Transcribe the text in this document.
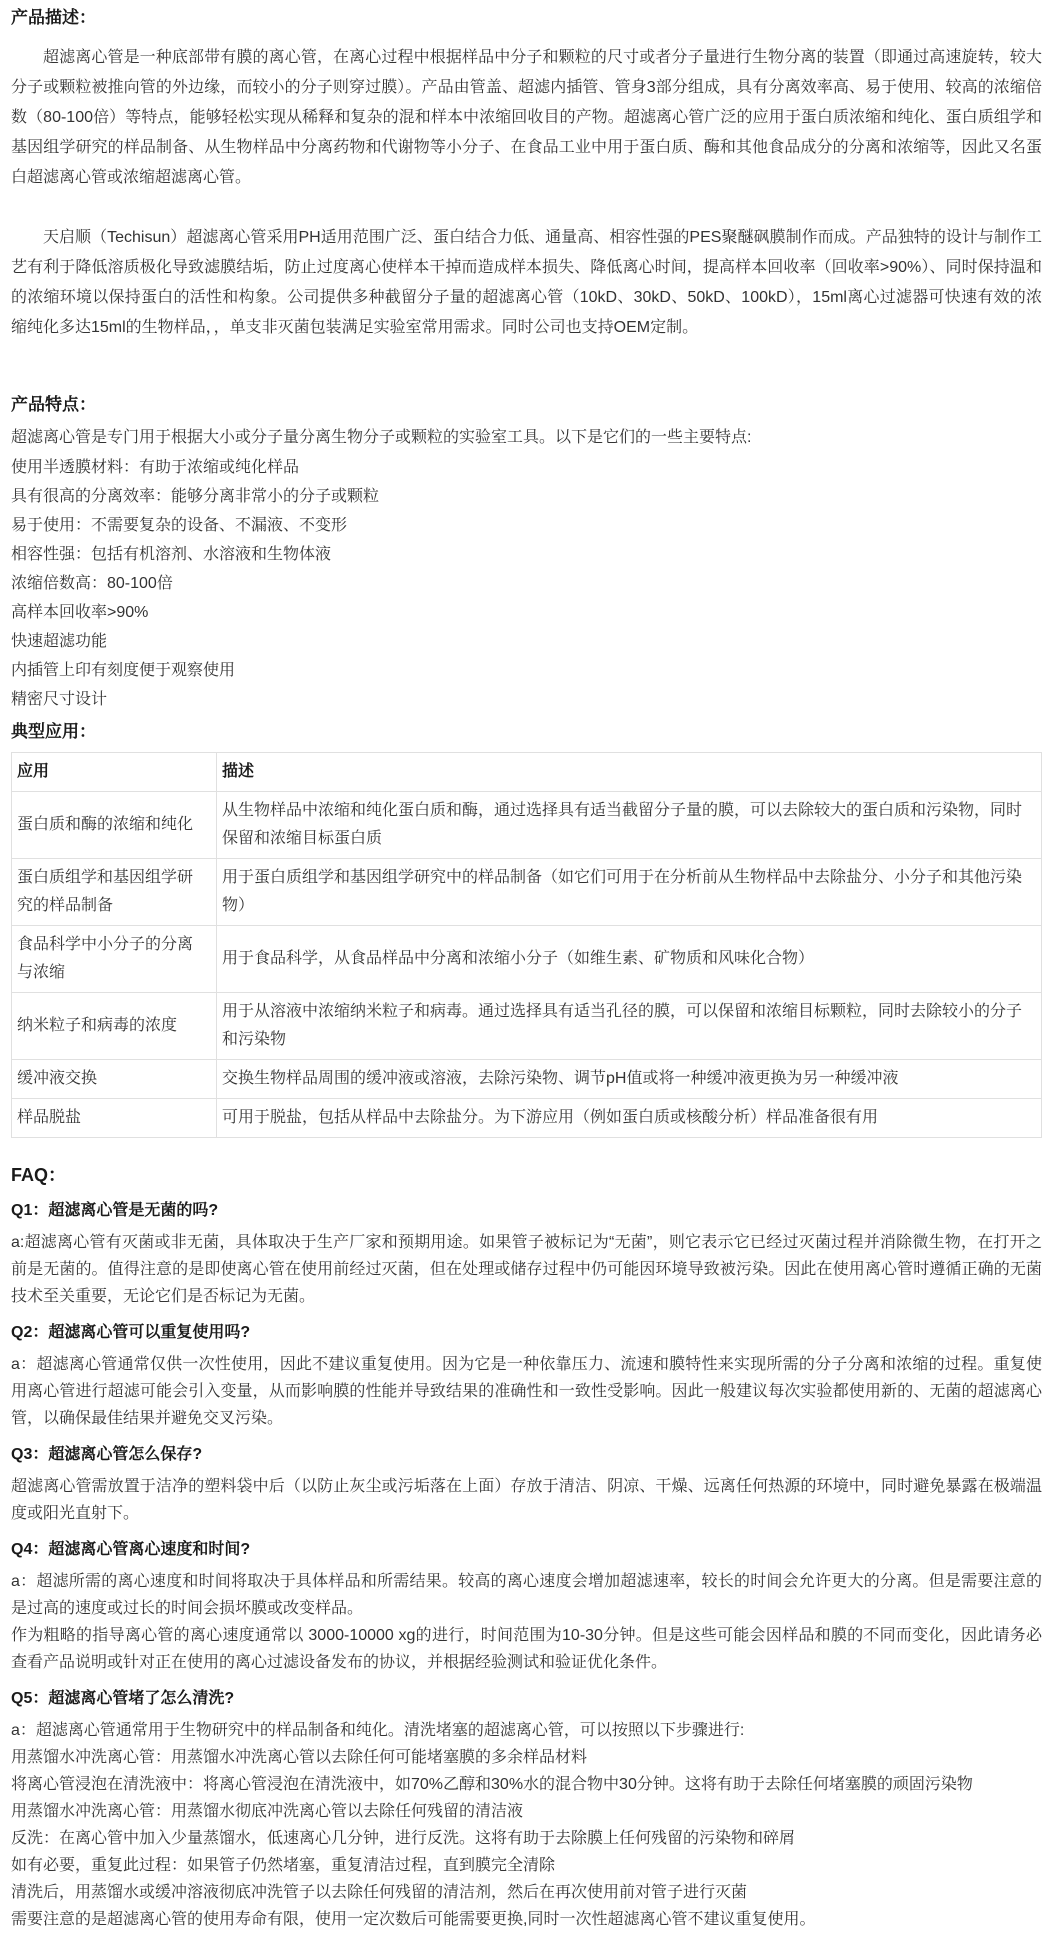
产品描述：

超滤离心管是一种底部带有膜的离心管，在离心过程中根据样品中分子和颗粒的尺寸或者分子量进行生物分离的装置（即通过高速旋转，较大分子或颗粒被推向管的外边缘，而较小的分子则穿过膜）。产品由管盖、超滤内插管、管身3部分组成，具有分离效率高、易于使用、较高的浓缩倍数（80-100倍）等特点，能够轻松实现从稀释和复杂的混和样本中浓缩回收目的产物。超滤离心管广泛的应用于蛋白质浓缩和纯化、蛋白质组学和基因组学研究的样品制备、从生物样品中分离药物和代谢物等小分子、在食品工业中用于蛋白质、酶和其他食品成分的分离和浓缩等，因此又名蛋白超滤离心管或浓缩超滤离心管。

天启顺（Techisun）超滤离心管采用PH适用范围广泛、蛋白结合力低、通量高、相容性强的PES聚醚砜膜制作而成。产品独特的设计与制作工艺有利于降低溶质极化导致滤膜结垢，防止过度离心使样本干掉而造成样本损失、降低离心时间，提高样本回收率（回收率>90%）、同时保持温和的浓缩环境以保持蛋白的活性和构象。公司提供多种截留分子量的超滤离心管（10kD、30kD、50kD、100kD），15ml离心过滤器可快速有效的浓缩纯化多达15ml的生物样品，，单支非灭菌包装满足实验室常用需求。同时公司也支持OEM定制。

产品特点：

超滤离心管是专门用于根据大小或分子量分离生物分子或颗粒的实验室工具。以下是它们的一些主要特点:

使用半透膜材料：有助于浓缩或纯化样品
具有很高的分离效率：能够分离非常小的分子或颗粒
易于使用：不需要复杂的设备、不漏液、不变形
相容性强：包括有机溶剂、水溶液和生物体液
浓缩倍数高：80-100倍
高样本回收率>90%
快速超滤功能
内插管上印有刻度便于观察使用
精密尺寸设计
典型应用：
应用	描述
蛋白质和酶的浓缩和纯化	从生物样品中浓缩和纯化蛋白质和酶，通过选择具有适当截留分子量的膜，可以去除较大的蛋白质和污染物，同时保留和浓缩目标蛋白质
蛋白质组学和基因组学研究的样品制备	用于蛋白质组学和基因组学研究中的样品制备（如它们可用于在分析前从生物样品中去除盐分、小分子和其他污染物）
食品科学中小分子的分离与浓缩	用于食品科学，从食品样品中分离和浓缩小分子（如维生素、矿物质和风味化合物）
纳米粒子和病毒的浓度	用于从溶液中浓缩纳米粒子和病毒。通过选择具有适当孔径的膜，可以保留和浓缩目标颗粒，同时去除较小的分子和污染物
缓冲液交换	交换生物样品周围的缓冲液或溶液，去除污染物、调节pH值或将一种缓冲液更换为另一种缓冲液
样品脱盐	可用于脱盐，包括从样品中去除盐分。为下游应用（例如蛋白质或核酸分析）样品准备很有用
FAQ：
Q1：超滤离心管是无菌的吗?
a:超滤离心管有灭菌或非无菌，具体取决于生产厂家和预期用途。如果管子被标记为“无菌”，则它表示它已经过灭菌过程并消除微生物，在打开之前是无菌的。值得注意的是即使离心管在使用前经过灭菌，但在处理或储存过程中仍可能因环境导致被污染。因此在使用离心管时遵循正确的无菌技术至关重要，无论它们是否标记为无菌。
Q2：超滤离心管可以重复使用吗?
a：超滤离心管通常仅供一次性使用，因此不建议重复使用。因为它是一种依靠压力、流速和膜特性来实现所需的分子分离和浓缩的过程。重复使用离心管进行超滤可能会引入变量，从而影响膜的性能并导致结果的准确性和一致性受影响。因此一般建议每次实验都使用新的、无菌的超滤离心管，以确保最佳结果并避免交叉污染。
Q3：超滤离心管怎么保存?
超滤离心管需放置于洁净的塑料袋中后（以防止灰尘或污垢落在上面）存放于清洁、阴凉、干燥、远离任何热源的环境中，同时避免暴露在极端温度或阳光直射下。
Q4：超滤离心管离心速度和时间?
a：超滤所需的离心速度和时间将取决于具体样品和所需结果。较高的离心速度会增加超滤速率，较长的时间会允许更大的分离。但是需要注意的是过高的速度或过长的时间会损坏膜或改变样品。
作为粗略的指导离心管的离心速度通常以 3000-10000 xg的进行，时间范围为10-30分钟。但是这些可能会因样品和膜的不同而变化，因此请务必查看产品说明或针对正在使用的离心过滤设备发布的协议，并根据经验测试和验证优化条件。
Q5：超滤离心管堵了怎么清洗?
a：超滤离心管通常用于生物研究中的样品制备和纯化。清洗堵塞的超滤离心管，可以按照以下步骤进行:
用蒸馏水冲洗离心管：用蒸馏水冲洗离心管以去除任何可能堵塞膜的多余样品材料
将离心管浸泡在清洗液中：将离心管浸泡在清洗液中，如70%乙醇和30%水的混合物中30分钟。这将有助于去除任何堵塞膜的顽固污染物
用蒸馏水冲洗离心管：用蒸馏水彻底冲洗离心管以去除任何残留的清洁液
反洗：在离心管中加入少量蒸馏水，低速离心几分钟，进行反洗。这将有助于去除膜上任何残留的污染物和碎屑
如有必要，重复此过程：如果管子仍然堵塞，重复清洁过程，直到膜完全清除
清洗后，用蒸馏水或缓冲溶液彻底冲洗管子以去除任何残留的清洁剂，然后在再次使用前对管子进行灭菌
需要注意的是超滤离心管的使用寿命有限，使用一定次数后可能需要更换,同时一次性超滤离心管不建议重复使用。
